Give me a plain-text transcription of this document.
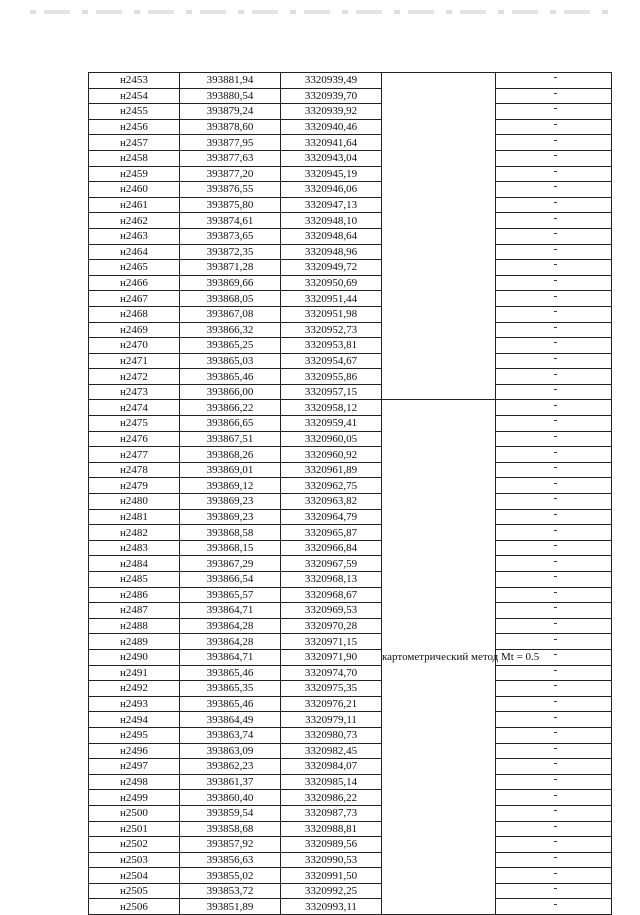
н2453	393881,94	3320939,49		-
н2454	393880,54	3320939,70		-
н2455	393879,24	3320939,92		-
н2456	393878,60	3320940,46		-
н2457	393877,95	3320941,64		-
н2458	393877,63	3320943,04		-
н2459	393877,20	3320945,19		-
н2460	393876,55	3320946,06		-
н2461	393875,80	3320947,13		-
н2462	393874,61	3320948,10		-
н2463	393873,65	3320948,64		-
н2464	393872,35	3320948,96		-
н2465	393871,28	3320949,72		-
н2466	393869,66	3320950,69		-
н2467	393868,05	3320951,44		-
н2468	393867,08	3320951,98		-
н2469	393866,32	3320952,73		-
н2470	393865,25	3320953,81		-
н2471	393865,03	3320954,67		-
н2472	393865,46	3320955,86		-
н2473	393866,00	3320957,15		-
н2474	393866,22	3320958,12	картометрический метод Mt = 0.5	-
н2475	393866,65	3320959,41		-
н2476	393867,51	3320960,05		-
н2477	393868,26	3320960,92		-
н2478	393869,01	3320961,89		-
н2479	393869,12	3320962,75		-
н2480	393869,23	3320963,82		-
н2481	393869,23	3320964,79		-
н2482	393868,58	3320965,87		-
н2483	393868,15	3320966,84		-
н2484	393867,29	3320967,59		-
н2485	393866,54	3320968,13		-
н2486	393865,57	3320968,67		-
н2487	393864,71	3320969,53		-
н2488	393864,28	3320970,28		-
н2489	393864,28	3320971,15		-
н2490	393864,71	3320971,90		-
н2491	393865,46	3320974,70		-
н2492	393865,35	3320975,35		-
н2493	393865,46	3320976,21		-
н2494	393864,49	3320979,11		-
н2495	393863,74	3320980,73		-
н2496	393863,09	3320982,45		-
н2497	393862,23	3320984,07		-
н2498	393861,37	3320985,14		-
н2499	393860,40	3320986,22		-
н2500	393859,54	3320987,73		-
н2501	393858,68	3320988,81		-
н2502	393857,92	3320989,56		-
н2503	393856,63	3320990,53		-
н2504	393855,02	3320991,50		-
н2505	393853,72	3320992,25		-
н2506	393851,89	3320993,11		-
